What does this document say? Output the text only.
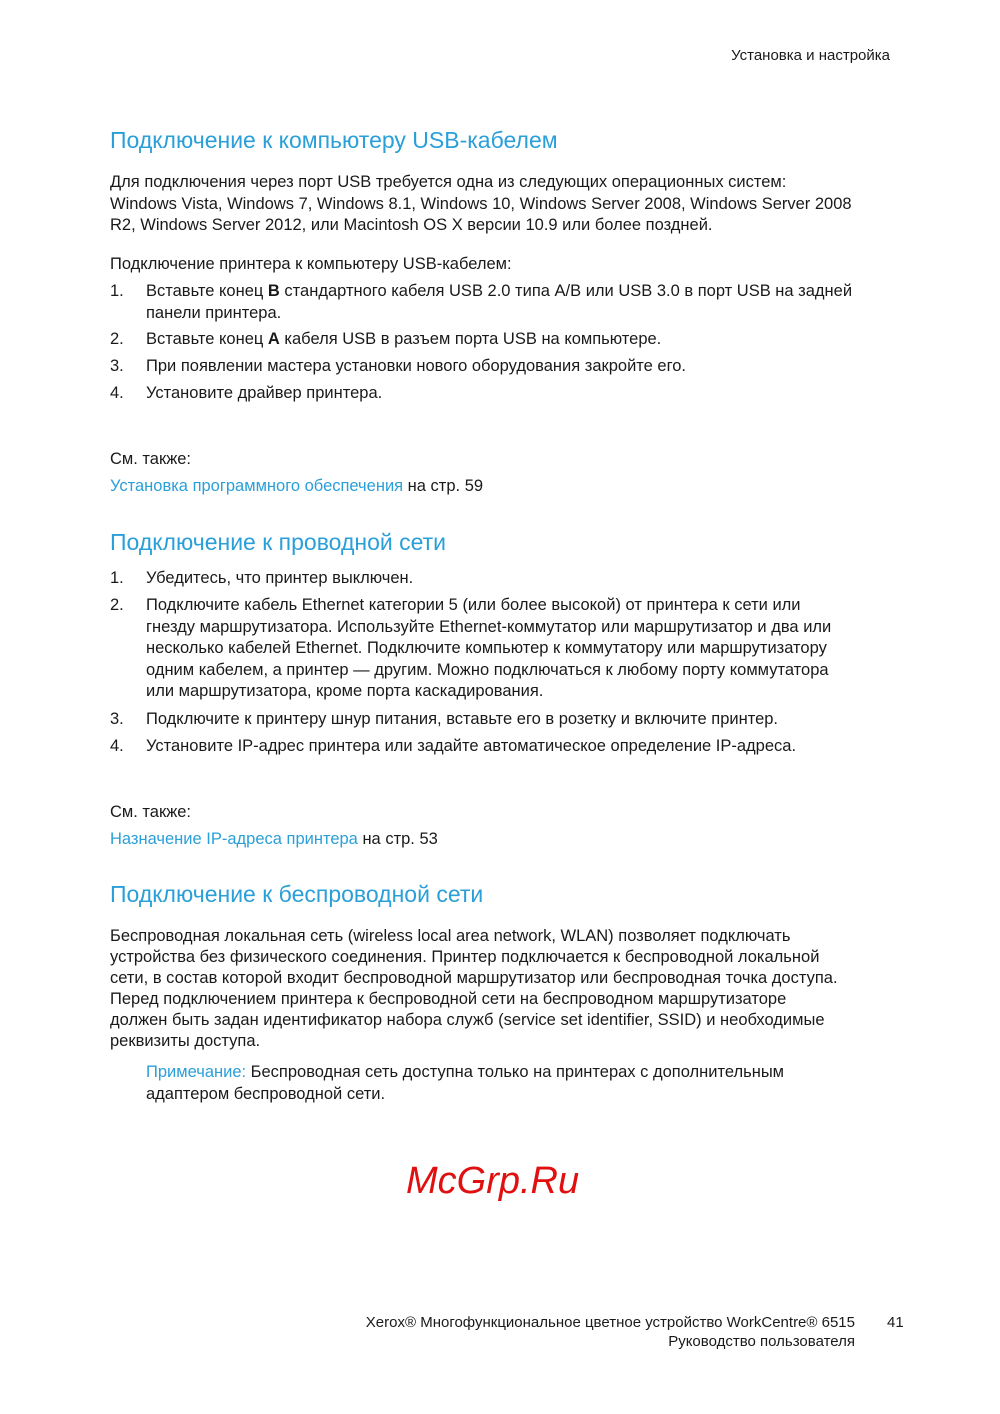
Установка и настройка
Подключение к компьютеру USB-кабелем
Для подключения через порт USB требуется одна из следующих операционных систем:
Windows Vista, Windows 7, Windows 8.1, Windows 10, Windows Server 2008, Windows Server 2008
R2, Windows Server 2012, или Macintosh OS X версии 10.9 или более поздней.
Подключение принтера к компьютеру USB-кабелем:
1. Вставьте конец B стандартного кабеля USB 2.0 типа A/B или USB 3.0 в порт USB на задней
панели принтера.
2. Вставьте конец A кабеля USB в разъем порта USB на компьютере.
3. При появлении мастера установки нового оборудования закройте его.
4. Установите драйвер принтера.
См. также:
Установка программного обеспечения на стр. 59
Подключение к проводной сети
1. Убедитесь, что принтер выключен.
2. Подключите кабель Ethernet категории 5 (или более высокой) от принтера к сети или
гнезду маршрутизатора. Используйте Ethernet-коммутатор или маршрутизатор и два или
несколько кабелей Ethernet. Подключите компьютер к коммутатору или маршрутизатору
одним кабелем, а принтер — другим. Можно подключаться к любому порту коммутатора
или маршрутизатора, кроме порта каскадирования.
3. Подключите к принтеру шнур питания, вставьте его в розетку и включите принтер.
4. Установите IP-адрес принтера или задайте автоматическое определение IP-адреса.
См. также:
Назначение IP-адреса принтера на стр. 53
Подключение к беспроводной сети
Беспроводная локальная сеть (wireless local area network, WLAN) позволяет подключать
устройства без физического соединения. Принтер подключается к беспроводной локальной
сети, в состав которой входит беспроводной маршрутизатор или беспроводная точка доступа.
Перед подключением принтера к беспроводной сети на беспроводном маршрутизаторе
должен быть задан идентификатор набора служб (service set identifier, SSID) и необходимые
реквизиты доступа.
Примечание: Беспроводная сеть доступна только на принтерах с дополнительным
адаптером беспроводной сети.
McGrp.Ru
Xerox® Многофункциональное цветное устройство WorkCentre® 6515
Руководство пользователя
41
